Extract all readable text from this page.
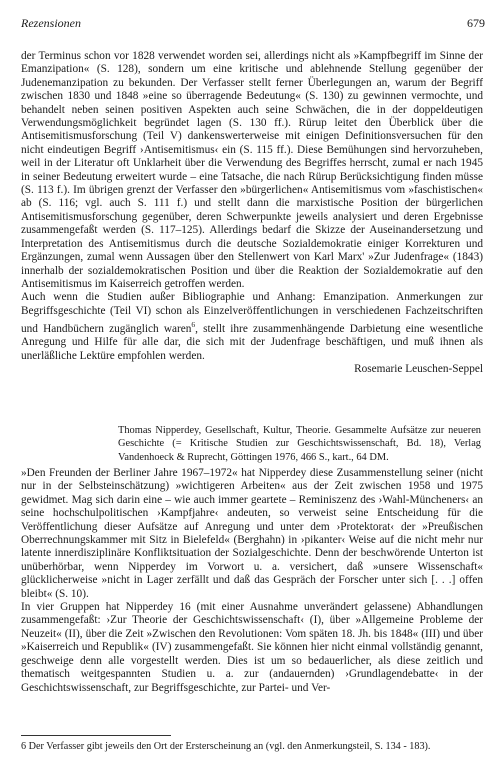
Rezensionen	679

der Terminus schon vor 1828 verwendet worden sei, allerdings nicht als »Kampfbegriff im Sinne der Emanzipation« (S. 128), sondern um eine kritische und ablehnende Stellung gegenüber der Judenemanzipation zu bekunden. Der Verfasser stellt ferner Überlegungen an, warum der Begriff zwischen 1830 und 1848 »eine so überragende Bedeutung« (S. 130) zu gewinnen vermochte, und behandelt neben seinen positiven Aspekten auch seine Schwächen, die in der doppeldeutigen Verwendungsmöglichkeit begründet lagen (S. 130 ff.). Rürup leitet den Überblick über die Antisemitismusforschung (Teil V) dankenswerterweise mit einigen Definitionsversuchen für den nicht eindeutigen Begriff ›Antisemitismus‹ ein (S. 115 ff.). Diese Bemühungen sind hervorzuheben, weil in der Literatur oft Unklarheit über die Verwendung des Begriffes herrscht, zumal er nach 1945 in seiner Bedeutung erweitert wurde – eine Tatsache, die nach Rürup Berücksichtigung finden müsse (S. 113 f.). Im übrigen grenzt der Verfasser den »bürgerlichen« Antisemitismus vom »faschistischen« ab (S. 116; vgl. auch S. 111 f.) und stellt dann die marxistische Position der bürgerlichen Antisemitismusforschung gegenüber, deren Schwerpunkte jeweils analysiert und deren Ergebnisse zusammengefaßt werden (S. 117–125). Allerdings bedarf die Skizze der Auseinandersetzung und Interpretation des Antisemitismus durch die deutsche Sozialdemokratie einiger Korrekturen und Ergänzungen, zumal wenn Aussagen über den Stellenwert von Karl Marx' »Zur Judenfrage« (1843) innerhalb der sozialdemokratischen Position und über die Reaktion der Sozialdemokratie auf den Antisemitismus im Kaiserreich getroffen werden.

Auch wenn die Studien außer Bibliographie und Anhang: Emanzipation. Anmerkungen zur Begriffsgeschichte (Teil VI) schon als Einzelveröffentlichungen in verschiedenen Fachzeitschriften und Handbüchern zugänglich waren$^6$, stellt ihre zusammenhängende Darbietung eine wesentliche Anregung und Hilfe für alle dar, die sich mit der Judenfrage beschäftigen, und muß ihnen als unerläßliche Lektüre empfohlen werden.

Rosemarie Leuschen-Seppel

Thomas Nipperdey, Gesellschaft, Kultur, Theorie. Gesammelte Aufsätze zur neueren Geschichte (= Kritische Studien zur Geschichtswissenschaft, Bd. 18), Verlag Vandenhoeck & Ruprecht, Göttingen 1976, 466 S., kart., 64 DM.

»Den Freunden der Berliner Jahre 1967–1972« hat Nipperdey diese Zusammenstellung seiner (nicht nur in der Selbsteinschätzung) »wichtigeren Arbeiten« aus der Zeit zwischen 1958 und 1975 gewidmet. Mag sich darin eine – wie auch immer geartete – Reminiszenz des ›Wahl-Müncheners‹ an seine hochschulpolitischen ›Kampfjahre‹ andeuten, so verweist seine Entscheidung für die Veröffentlichung dieser Aufsätze auf Anregung und unter dem ›Protektorat‹ der »Preußischen Oberrechnungskammer mit Sitz in Bielefeld« (Berghahn) in ›pikanter‹ Weise auf die nicht mehr nur latente innerdisziplinäre Konfliktsituation der Sozialgeschichte. Denn der beschwörende Unterton ist unüberhörbar, wenn Nipperdey im Vorwort u. a. versichert, daß »unsere Wissenschaft« glücklicherweise »nicht in Lager zerfällt und daß das Gespräch der Forscher unter sich [. . .] offen bleibt« (S. 10).

In vier Gruppen hat Nipperdey 16 (mit einer Ausnahme unverändert gelassene) Abhandlungen zusammengefaßt: ›Zur Theorie der Geschichtswissenschaft‹ (I), über »Allgemeine Probleme der Neuzeit« (II), über die Zeit »Zwischen den Revolutionen: Vom späten 18. Jh. bis 1848« (III) und über »Kaiserreich und Republik« (IV) zusammengefaßt. Sie können hier nicht einmal vollständig genannt, geschweige denn alle vorgestellt werden. Dies ist um so bedauerlicher, als diese zeitlich und thematisch weitgespannten Studien u. a. zur (andauernden) ›Grundlagendebatte‹ in der Geschichtswissenschaft, zur Begriffsgeschichte, zur Partei- und Ver-

6 Der Verfasser gibt jeweils den Ort der Ersterscheinung an (vgl. den Anmerkungsteil, S. 134 - 183).
